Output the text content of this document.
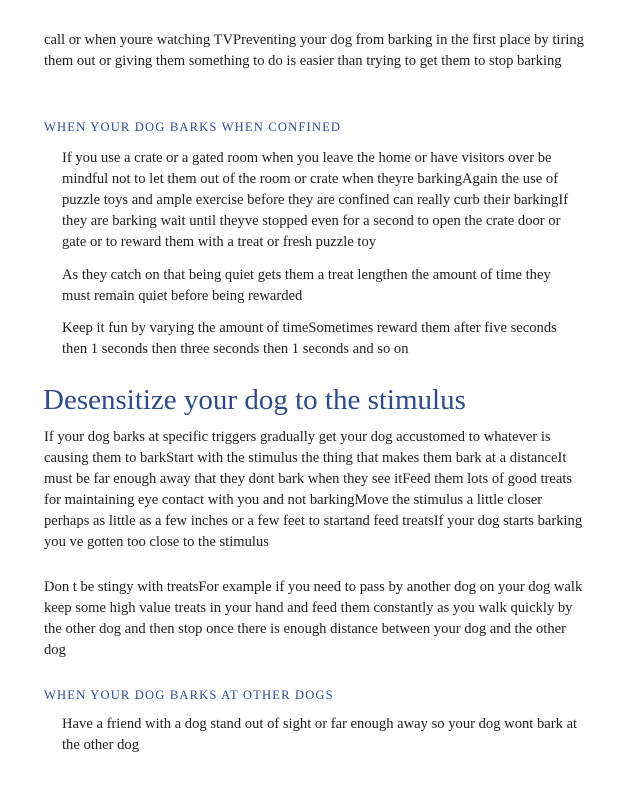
call or when youre watching TVPreventing your dog from barking in the first place by tiring them out or giving them something to do is easier than trying to get them to stop barking

WHEN YOUR DOG BARKS WHEN CONFINED

If you use a crate or a gated room when you leave the home or have visitors over be mindful not to let them out of the room or crate when theyre barkingAgain the use of puzzle toys and ample exercise before they are confined can really curb their barkingIf they are barking wait until theyve stopped even for a second to open the crate door or gate or to reward them with a treat or fresh puzzle toy

As they catch on that being quiet gets them a treat lengthen the amount of time they must remain quiet before being rewarded

Keep it fun by varying the amount of timeSometimes reward them after five seconds then 1 seconds then three seconds then 1 seconds and so on

Desensitize your dog to the stimulus

If your dog barks at specific triggers gradually get your dog accustomed to whatever is causing them to barkStart with the stimulus the thing that makes them bark at a distanceIt must be far enough away that they dont bark when they see itFeed them lots of good treats for maintaining eye contact with you and not barkingMove the stimulus a little closer perhaps as little as a few inches or a few feet to startand feed treatsIf your dog starts barking you ve gotten too close to the stimulus

Don t be stingy with treatsFor example if you need to pass by another dog on your dog walk keep some high value treats in your hand and feed them constantly as you walk quickly by the other dog and then stop once there is enough distance between your dog and the other dog

WHEN YOUR DOG BARKS AT OTHER DOGS

Have a friend with a dog stand out of sight or far enough away so your dog wont bark at the other dog
